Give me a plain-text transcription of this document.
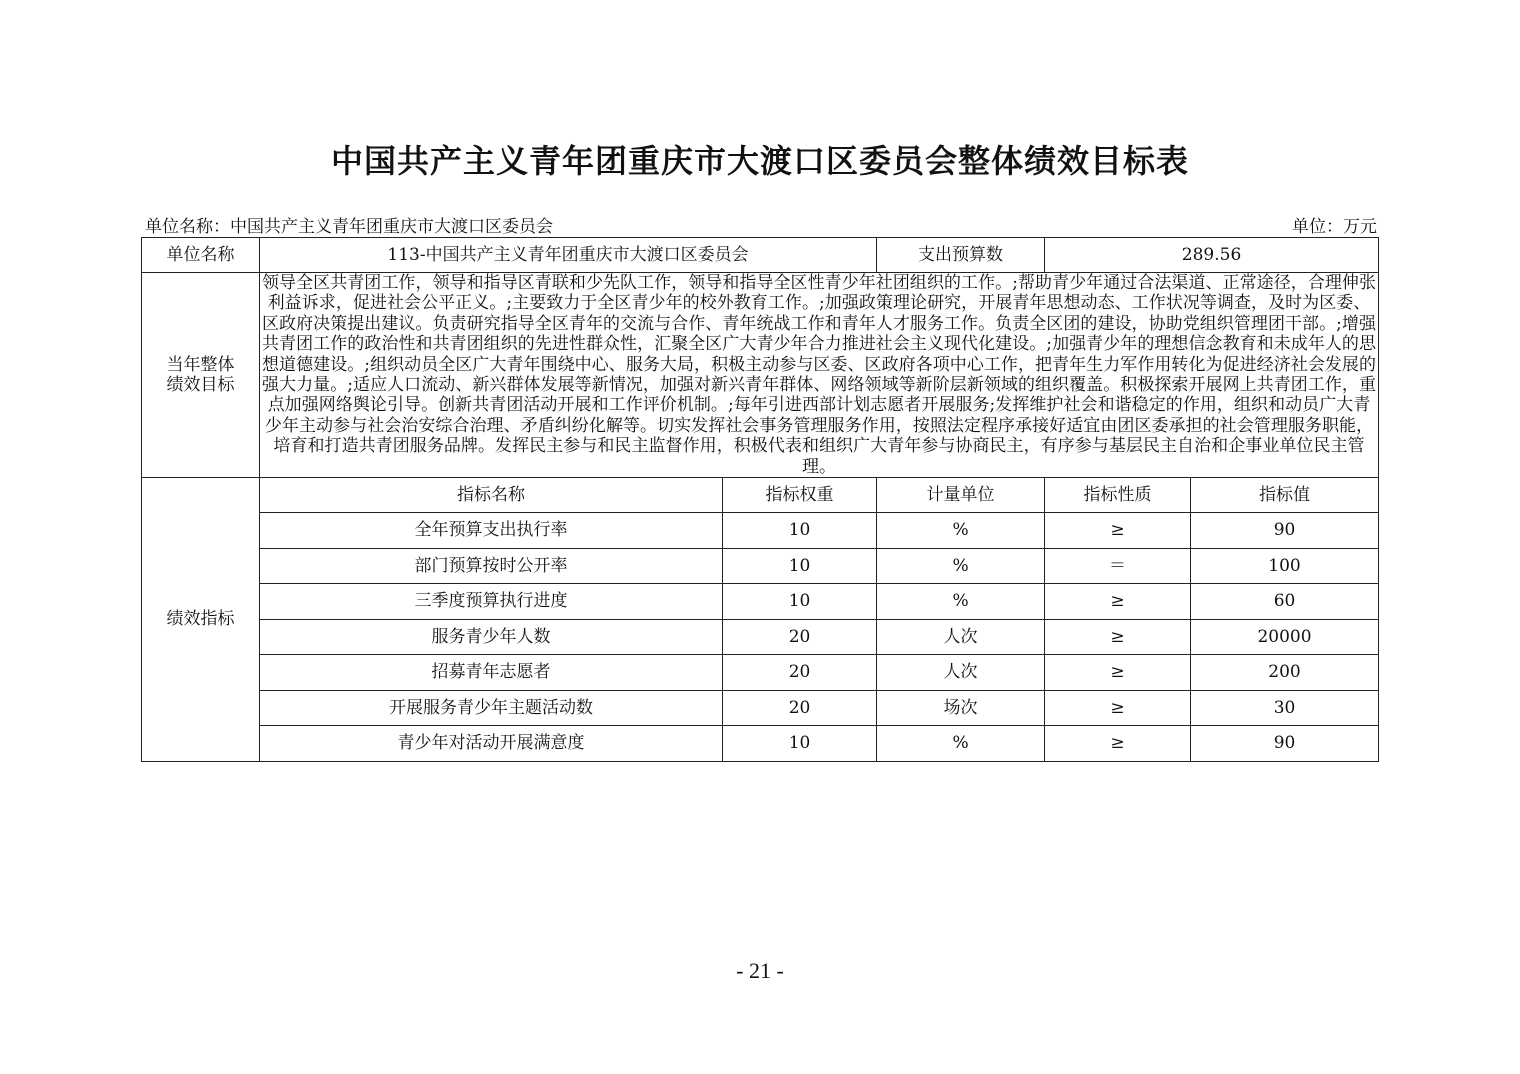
中国共产主义青年团重庆市大渡口区委员会整体绩效目标表
单位名称：中国共产主义青年团重庆市大渡口区委员会	单位：万元
单位名称	113-中国共产主义青年团重庆市大渡口区委员会		支出预算数	289.56	

当年整体
绩效目标	领导全区共青团工作，领导和指导区青联和少先队工作，领导和指导全区性青少年社团组织的工作。;帮助青少年通过合法渠道、正常途径，合理伸张利益诉求，促进社会公平正义。;主要致力于全区青少年的校外教育工作。;加强政策理论研究，开展青年思想动态、工作状况等调查，及时为区委、区政府决策提出建议。负责研究指导全区青年的交流与合作、青年统战工作和青年人才服务工作。负责全区团的建设，协助党组织管理团干部。;增强共青团工作的政治性和共青团组织的先进性群众性，汇聚全区广大青少年合力推进社会主义现代化建设。;加强青少年的理想信念教育和未成年人的思想道德建设。;组织动员全区广大青年围绕中心、服务大局，积极主动参与区委、区政府各项中心工作，把青年生力军作用转化为促进经济社会发展的强大力量。;适应人口流动、新兴群体发展等新情况，加强对新兴青年群体、网络领域等新阶层新领域的组织覆盖。积极探索开展网上共青团工作，重点加强网络舆论引导。创新共青团活动开展和工作评价机制。;每年引进西部计划志愿者开展服务;发挥维护社会和谐稳定的作用，组织和动员广大青少年主动参与社会治安综合治理、矛盾纠纷化解等。切实发挥社会事务管理服务作用，按照法定程序承接好适宜由团区委承担的社会管理服务职能，培育和打造共青团服务品牌。发挥民主参与和民主监督作用，积极代表和组织广大青年参与协商民主，有序参与基层民主自治和企事业单位民主管理。				
绩效指标	指标名称	指标权重	计量单位	指标性质	指标值
	全年预算支出执行率	10	%	≥	90
	部门预算按时公开率	10	%	＝	100
	三季度预算执行进度	10	%	≥	60
	服务青少年人数	20	人次	≥	20000
	招募青年志愿者	20	人次	≥	200
	开展服务青少年主题活动数	20	场次	≥	30
	青少年对活动开展满意度	10	%	≥	90
- 21 -
